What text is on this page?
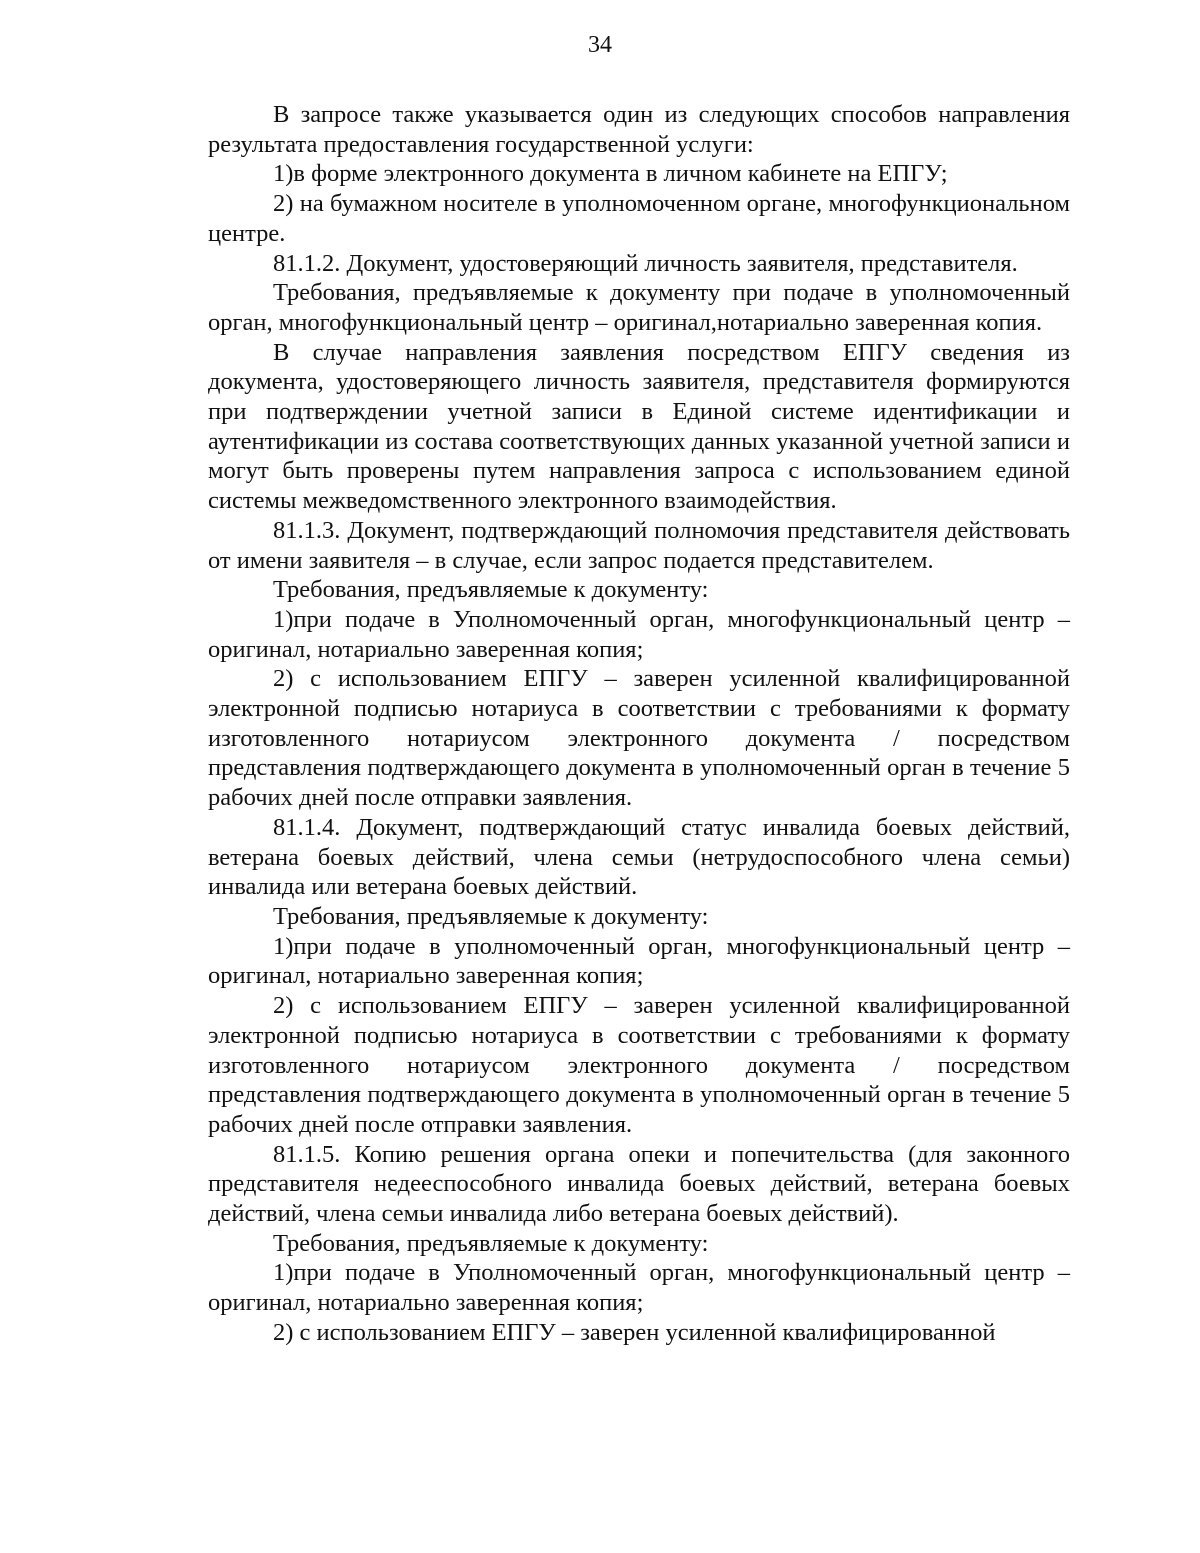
34

В запросе также указывается один из следующих способов направления результата предоставления государственной услуги:

1)в форме электронного документа в личном кабинете на ЕПГУ;

2) на бумажном носителе в уполномоченном органе, многофункциональном центре.

81.1.2. Документ, удостоверяющий личность заявителя, представителя.

Требования, предъявляемые к документу при подаче в уполномоченный орган, многофункциональный центр – оригинал,нотариально заверенная копия.

В случае направления заявления посредством ЕПГУ сведения из документа, удостоверяющего личность заявителя, представителя формируются при подтверждении учетной записи в Единой системе идентификации и аутентификации из состава соответствующих данных указанной учетной записи и могут быть проверены путем направления запроса с использованием единой системы межведомственного электронного взаимодействия.

81.1.3. Документ, подтверждающий полномочия представителя действовать от имени заявителя – в случае, если запрос подается представителем.

Требования, предъявляемые к документу:

1)при подаче в Уполномоченный орган, многофункциональный центр – оригинал, нотариально заверенная копия;

2) с использованием ЕПГУ – заверен усиленной квалифицированной электронной подписью нотариуса в соответствии с требованиями к формату изготовленного нотариусом электронного документа / посредством представления подтверждающего документа в уполномоченный орган в течение 5 рабочих дней после отправки заявления.

81.1.4. Документ, подтверждающий статус инвалида боевых действий, ветерана боевых действий, члена семьи (нетрудоспособного члена семьи) инвалида или ветерана боевых действий.

Требования, предъявляемые к документу:

1)при подаче в уполномоченный орган, многофункциональный центр – оригинал, нотариально заверенная копия;

2) с использованием ЕПГУ – заверен усиленной квалифицированной электронной подписью нотариуса в соответствии с требованиями к формату изготовленного нотариусом электронного документа / посредством представления подтверждающего документа в уполномоченный орган в течение 5 рабочих дней после отправки заявления.

81.1.5. Копию решения органа опеки и попечительства (для законного представителя недееспособного инвалида боевых действий, ветерана боевых действий, члена семьи инвалида либо ветерана боевых действий).

Требования, предъявляемые к документу:

1)при подаче в Уполномоченный орган, многофункциональный центр – оригинал, нотариально заверенная копия;

2) с использованием ЕПГУ – заверен усиленной квалифицированной
